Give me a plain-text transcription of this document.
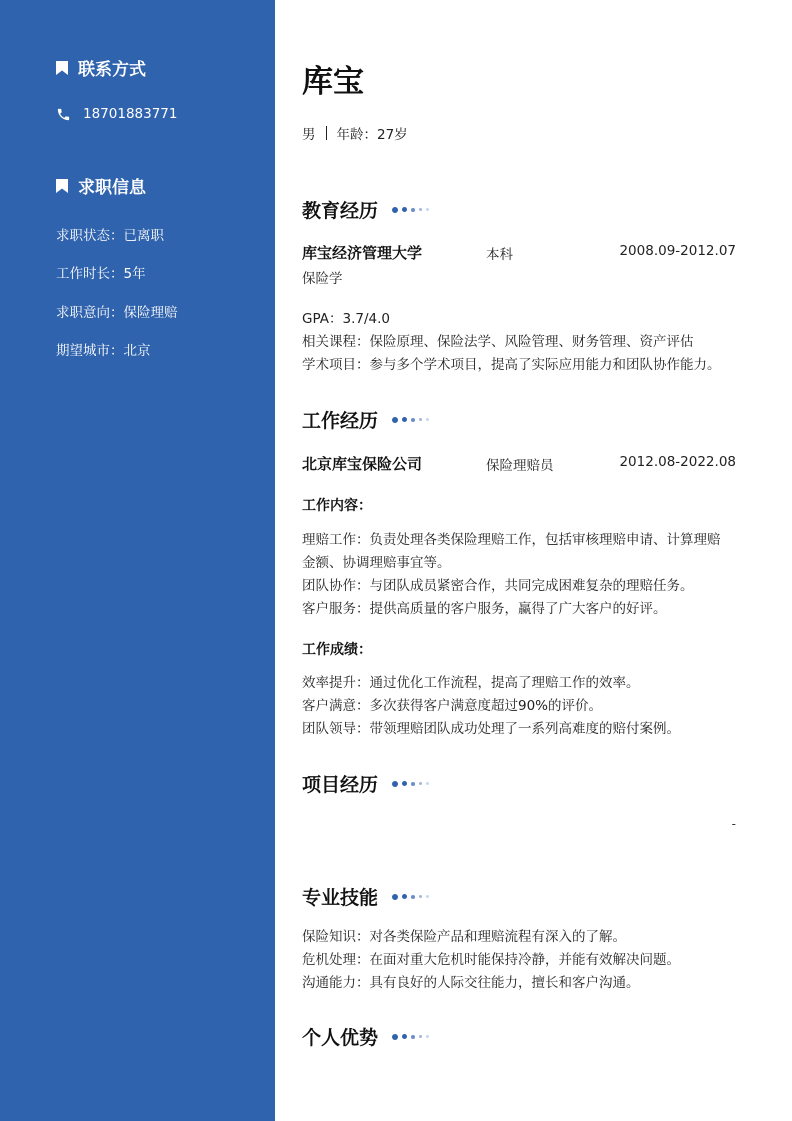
联系方式
18701883771
求职信息
求职状态：已离职
工作时长：5年
求职意向：保险理赔
期望城市：北京
库宝
男 年龄：27岁
教育经历
库宝经济管理大学	本科	2008.09-2012.07
保险学
GPA：3.7/4.0
相关课程：保险原理、保险法学、风险管理、财务管理、资产评估
学术项目：参与多个学术项目，提高了实际应用能力和团队协作能力。
工作经历
北京库宝保险公司	保险理赔员	2012.08-2022.08
工作内容：
理赔工作：负责处理各类保险理赔工作，包括审核理赔申请、计算理赔
金额、协调理赔事宜等。
团队协作：与团队成员紧密合作，共同完成困难复杂的理赔任务。
客户服务：提供高质量的客户服务，赢得了广大客户的好评。
工作成绩：
效率提升：通过优化工作流程，提高了理赔工作的效率。
客户满意：多次获得客户满意度超过90%的评价。
团队领导：带领理赔团队成功处理了一系列高难度的赔付案例。
项目经历
-
专业技能
保险知识：对各类保险产品和理赔流程有深入的了解。
危机处理：在面对重大危机时能保持冷静，并能有效解决问题。
沟通能力：具有良好的人际交往能力，擅长和客户沟通。
个人优势
